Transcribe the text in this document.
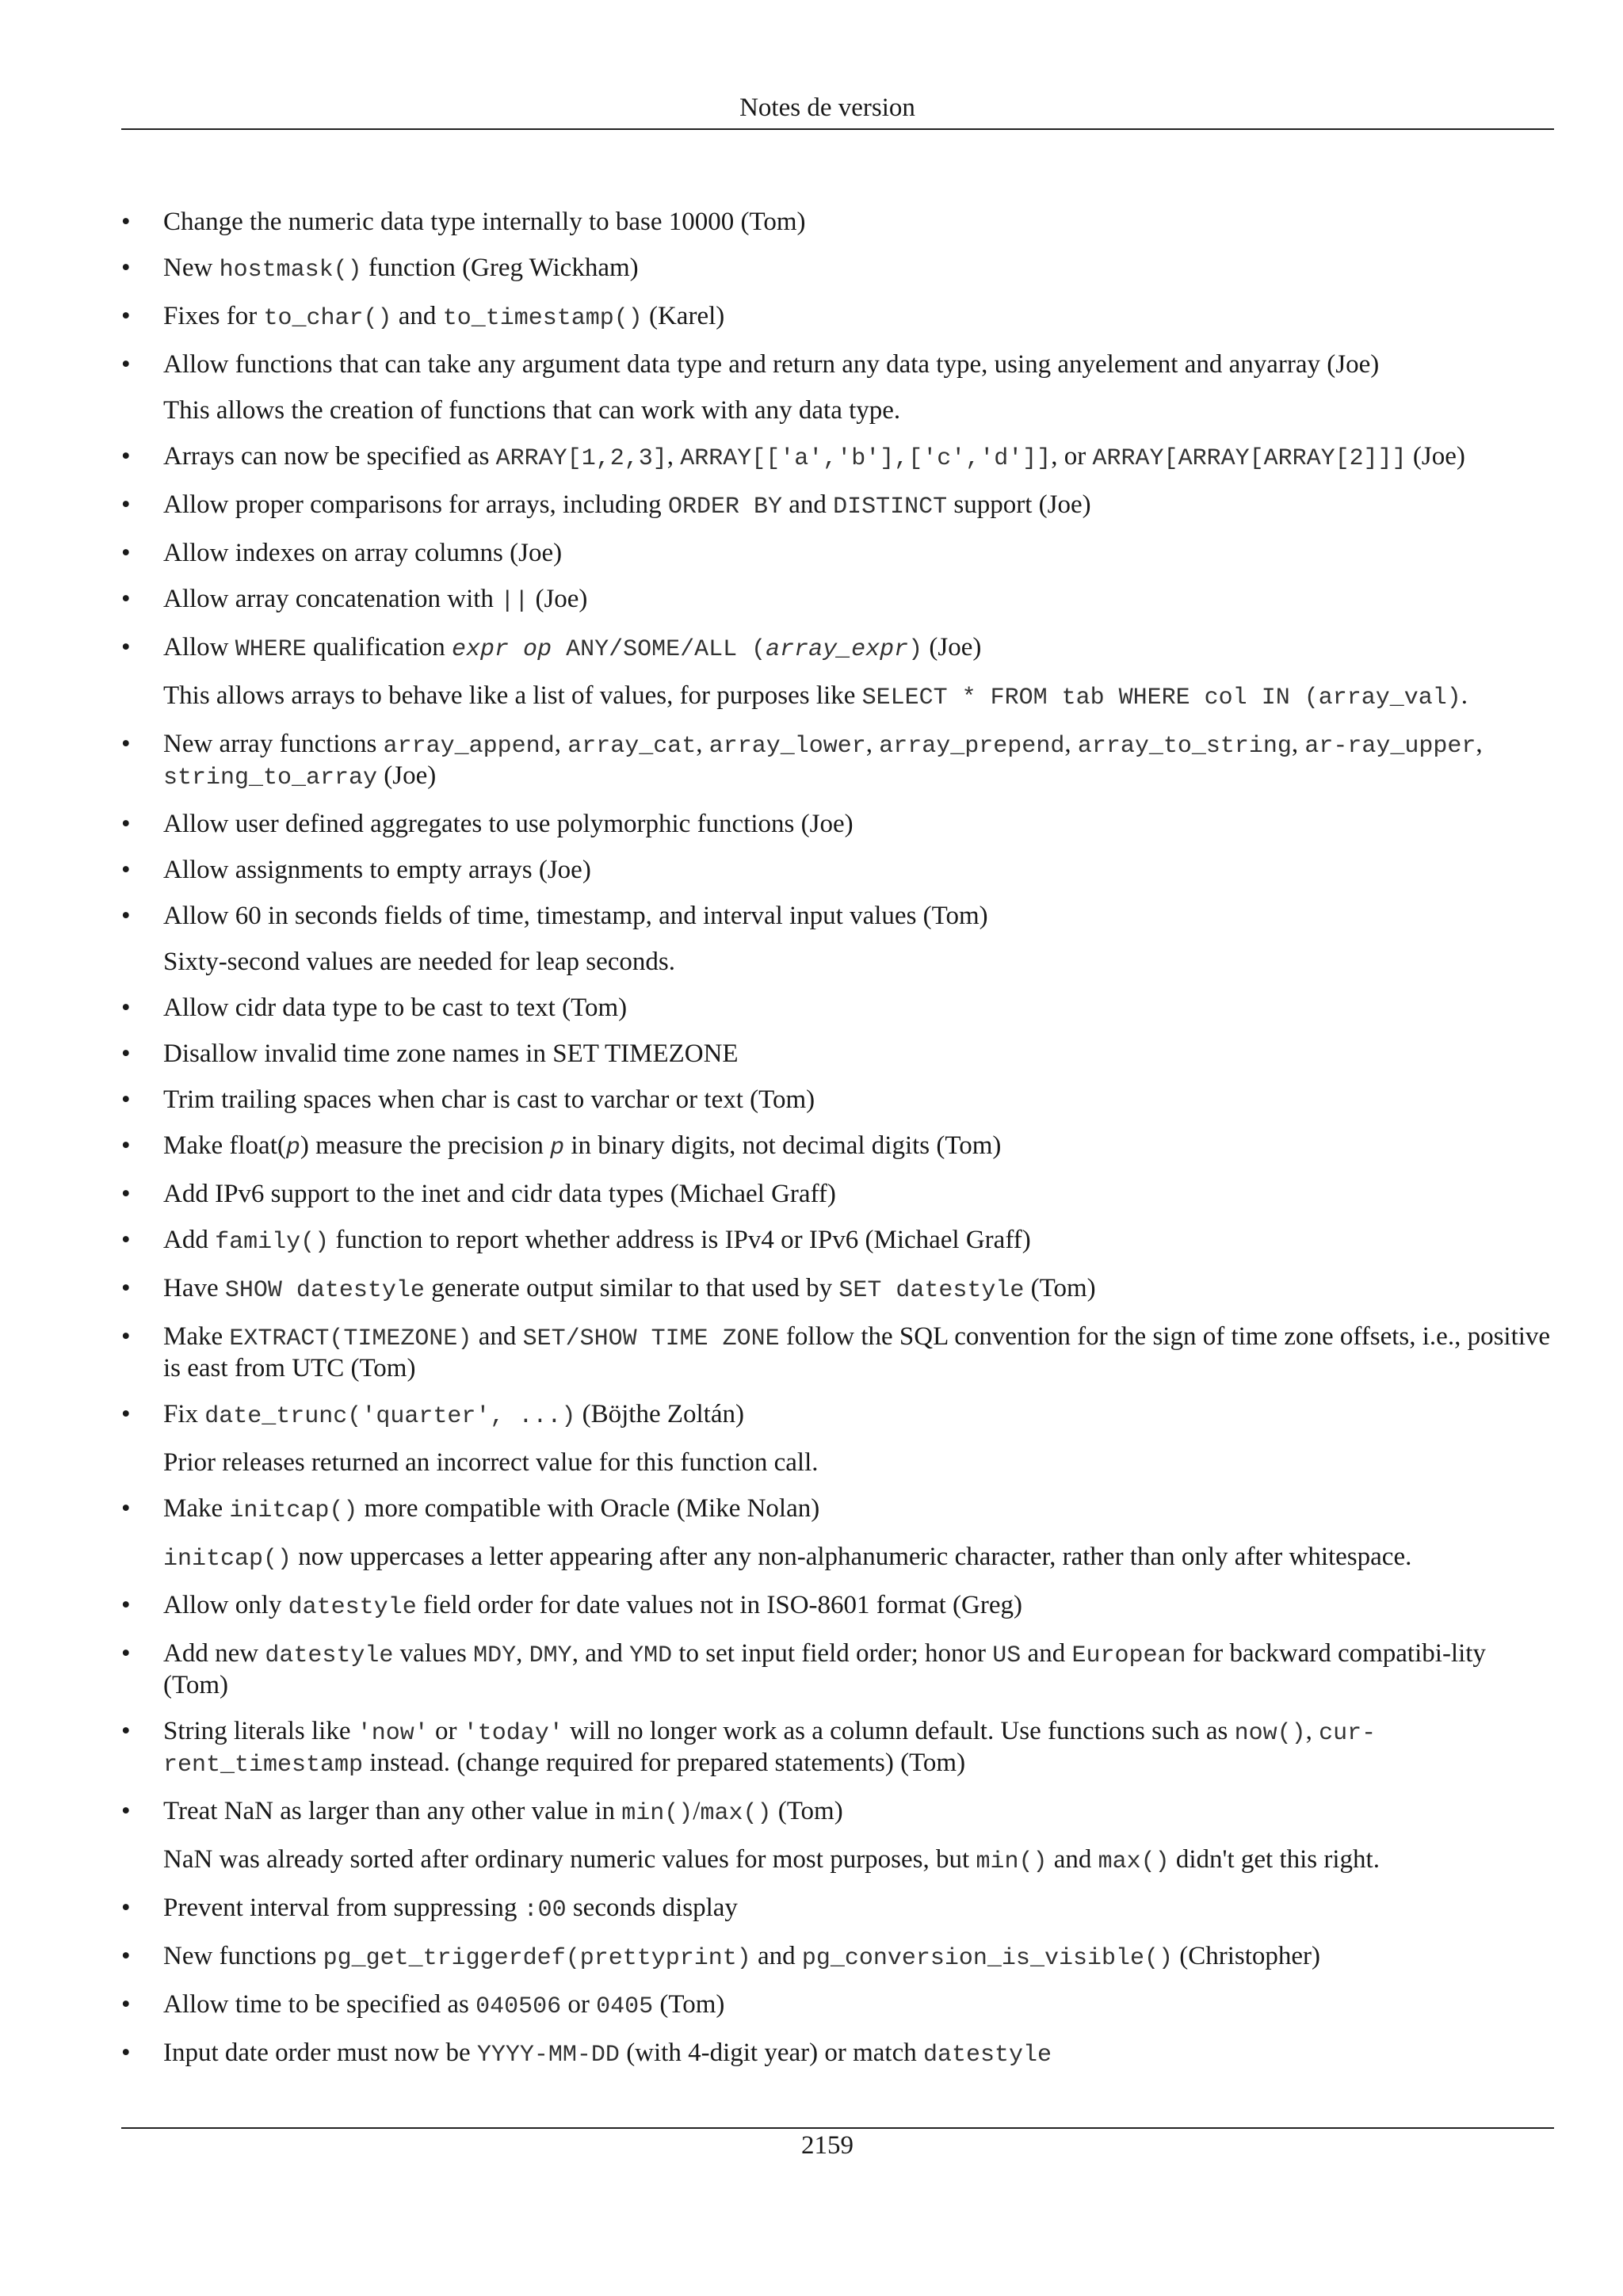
Notes de version
• Change the numeric data type internally to base 10000 (Tom)
• New hostmask() function (Greg Wickham)
• Fixes for to_char() and to_timestamp() (Karel)
• Allow functions that can take any argument data type and return any data type, using anyelement and anyarray (Joe)
This allows the creation of functions that can work with any data type.
• Arrays can now be specified as ARRAY[1,2,3], ARRAY[['a','b'],['c','d']], or ARRAY[ARRAY[ARRAY[2]]] (Joe)
• Allow proper comparisons for arrays, including ORDER BY and DISTINCT support (Joe)
• Allow indexes on array columns (Joe)
• Allow array concatenation with || (Joe)
• Allow WHERE qualification expr op ANY/SOME/ALL (array_expr) (Joe)
This allows arrays to behave like a list of values, for purposes like SELECT * FROM tab WHERE col IN (array_val).
• New array functions array_append, array_cat, array_lower, array_prepend, array_to_string, ar-ray_upper, string_to_array (Joe)
• Allow user defined aggregates to use polymorphic functions (Joe)
• Allow assignments to empty arrays (Joe)
• Allow 60 in seconds fields of time, timestamp, and interval input values (Tom)
Sixty-second values are needed for leap seconds.
• Allow cidr data type to be cast to text (Tom)
• Disallow invalid time zone names in SET TIMEZONE
• Trim trailing spaces when char is cast to varchar or text (Tom)
• Make float(p) measure the precision p in binary digits, not decimal digits (Tom)
• Add IPv6 support to the inet and cidr data types (Michael Graff)
• Add family() function to report whether address is IPv4 or IPv6 (Michael Graff)
• Have SHOW datestyle generate output similar to that used by SET datestyle (Tom)
• Make EXTRACT(TIMEZONE) and SET/SHOW TIME ZONE follow the SQL convention for the sign of time zone offsets, i.e., positive is east from UTC (Tom)
• Fix date_trunc('quarter', ...) (Böjthe Zoltán)
Prior releases returned an incorrect value for this function call.
• Make initcap() more compatible with Oracle (Mike Nolan)
initcap() now uppercases a letter appearing after any non-alphanumeric character, rather than only after whitespace.
• Allow only datestyle field order for date values not in ISO-8601 format (Greg)
• Add new datestyle values MDY, DMY, and YMD to set input field order; honor US and European for backward compatibi-lity (Tom)
• String literals like 'now' or 'today' will no longer work as a column default. Use functions such as now(), cur-rent_timestamp instead. (change required for prepared statements) (Tom)
• Treat NaN as larger than any other value in min()/max() (Tom)
NaN was already sorted after ordinary numeric values for most purposes, but min() and max() didn't get this right.
• Prevent interval from suppressing :00 seconds display
• New functions pg_get_triggerdef(prettyprint) and pg_conversion_is_visible() (Christopher)
• Allow time to be specified as 040506 or 0405 (Tom)
• Input date order must now be YYYY-MM-DD (with 4-digit year) or match datestyle
2159
